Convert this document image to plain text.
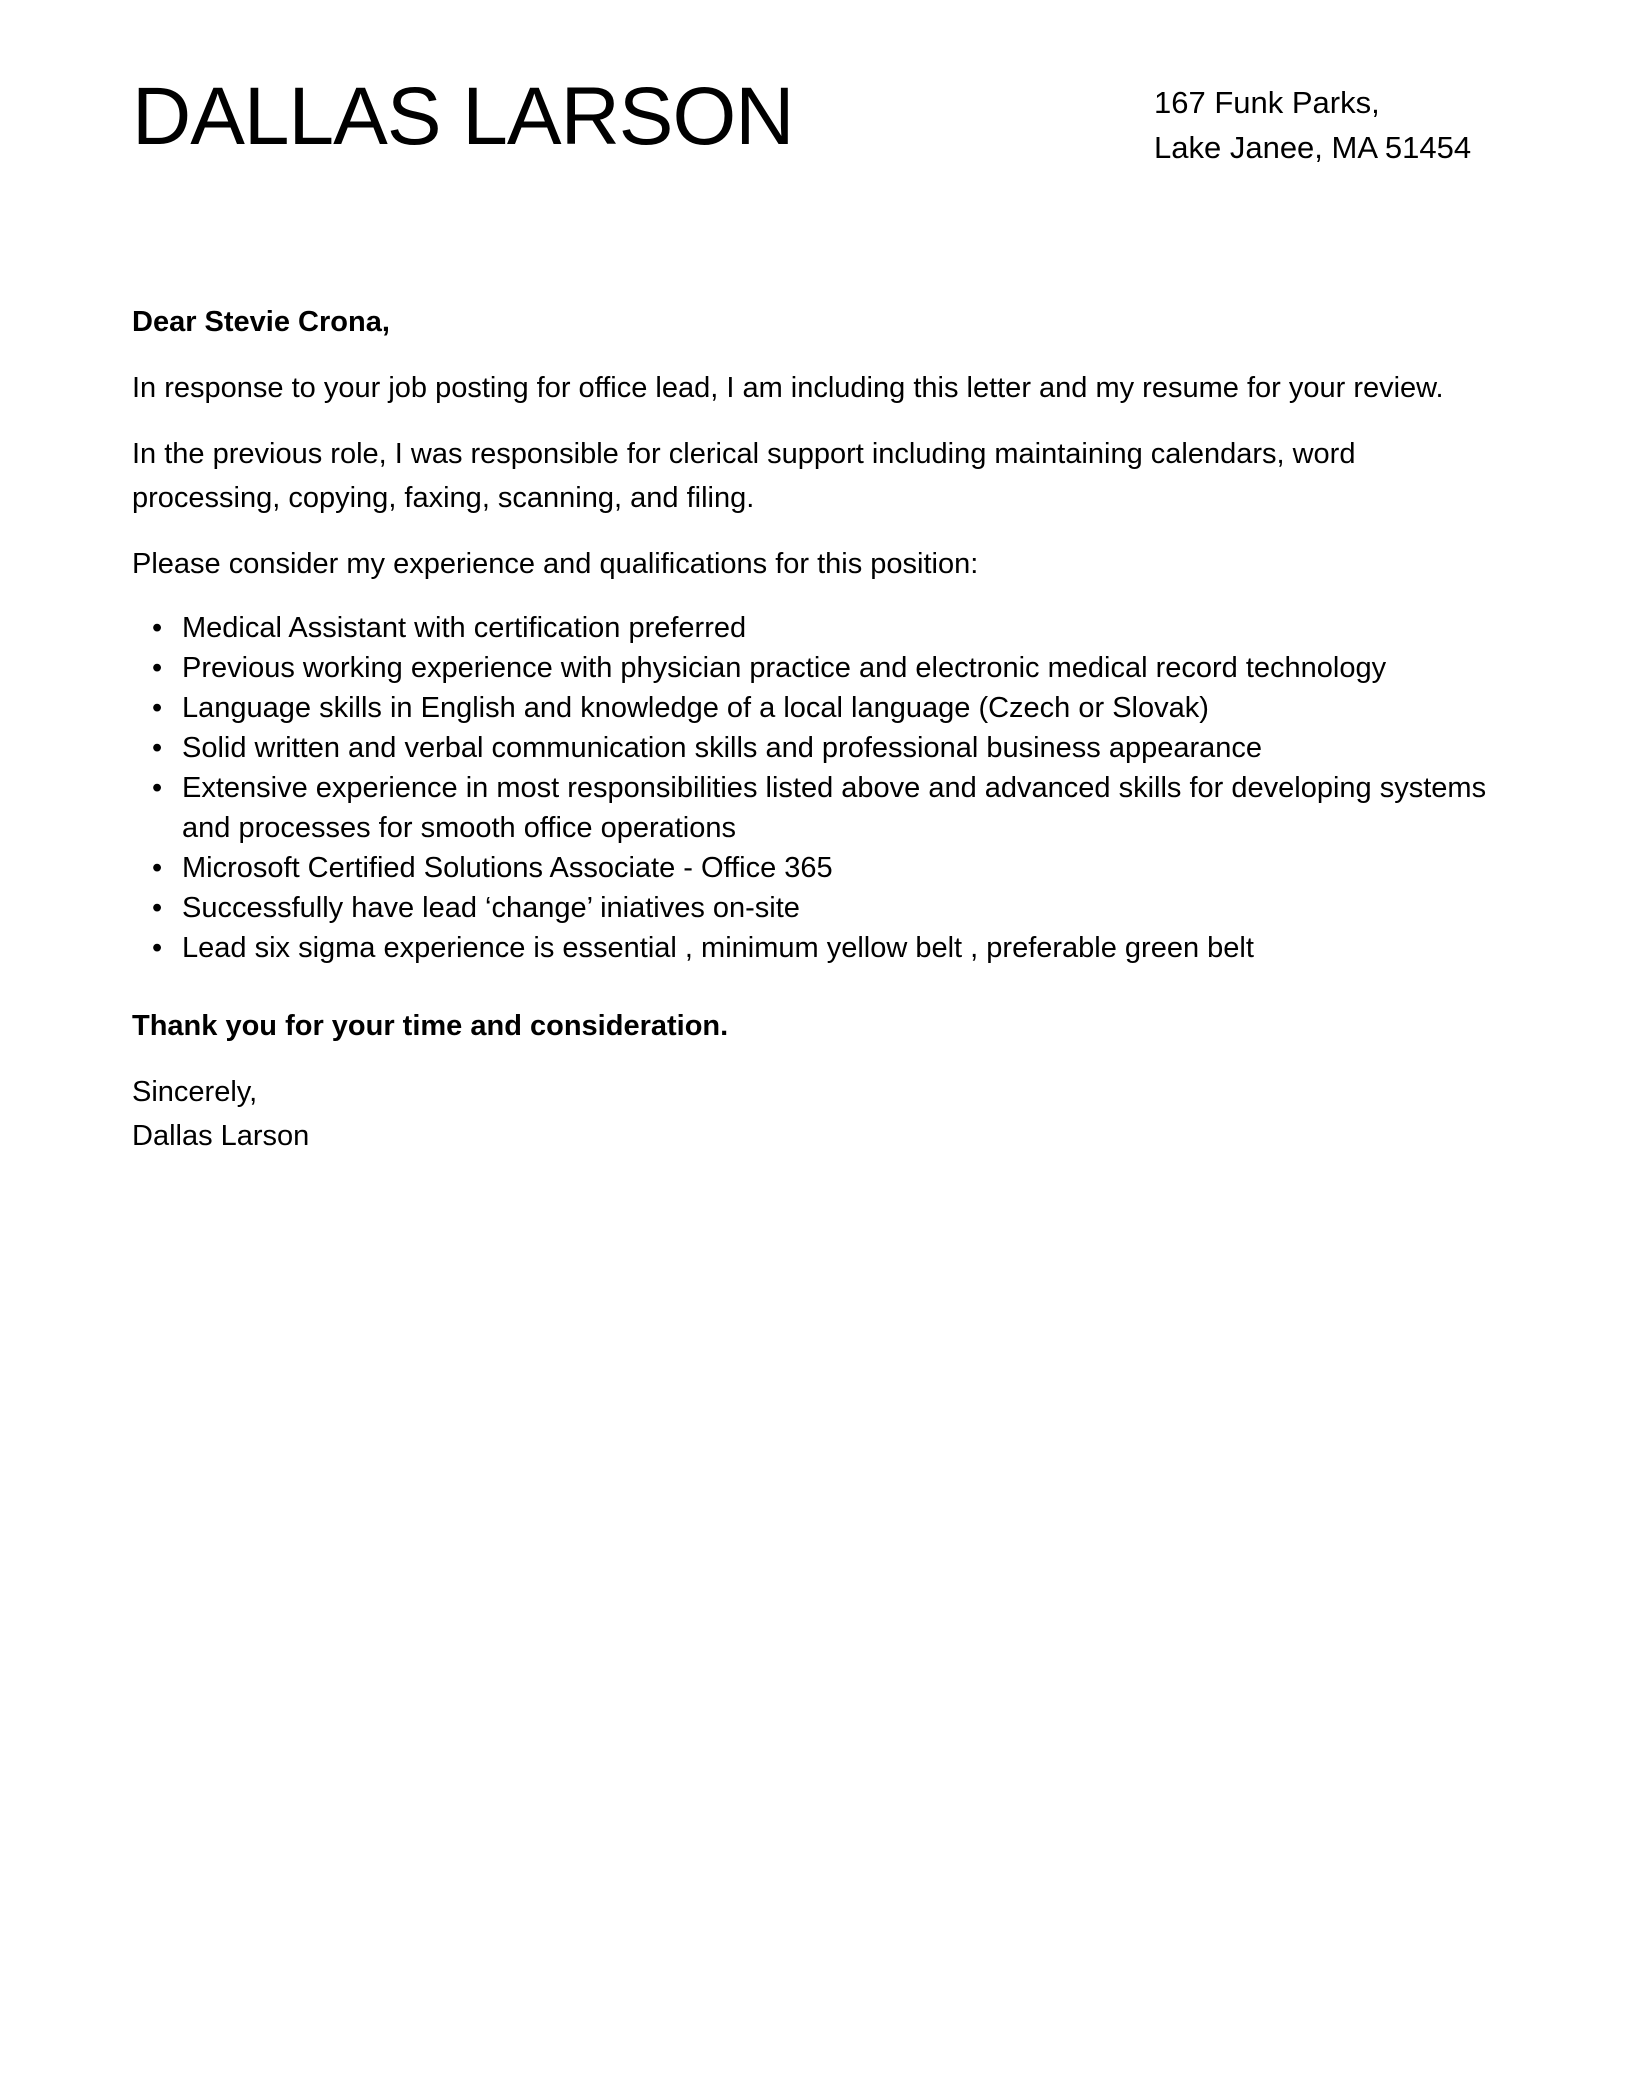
DALLAS LARSON	167 Funk Parks,
Lake Janee, MA 51454

Dear Stevie Crona,

In response to your job posting for office lead, I am including this letter and my resume for your review.

In the previous role, I was responsible for clerical support including maintaining calendars, word processing, copying, faxing, scanning, and filing.

Please consider my experience and qualifications for this position:

• Medical Assistant with certification preferred
• Previous working experience with physician practice and electronic medical record technology
• Language skills in English and knowledge of a local language (Czech or Slovak)
• Solid written and verbal communication skills and professional business appearance
• Extensive experience in most responsibilities listed above and advanced skills for developing systems and processes for smooth office operations
• Microsoft Certified Solutions Associate - Office 365
• Successfully have lead ‘change’ iniatives on-site
• Lead six sigma experience is essential , minimum yellow belt , preferable green belt

Thank you for your time and consideration.

Sincerely,
Dallas Larson
